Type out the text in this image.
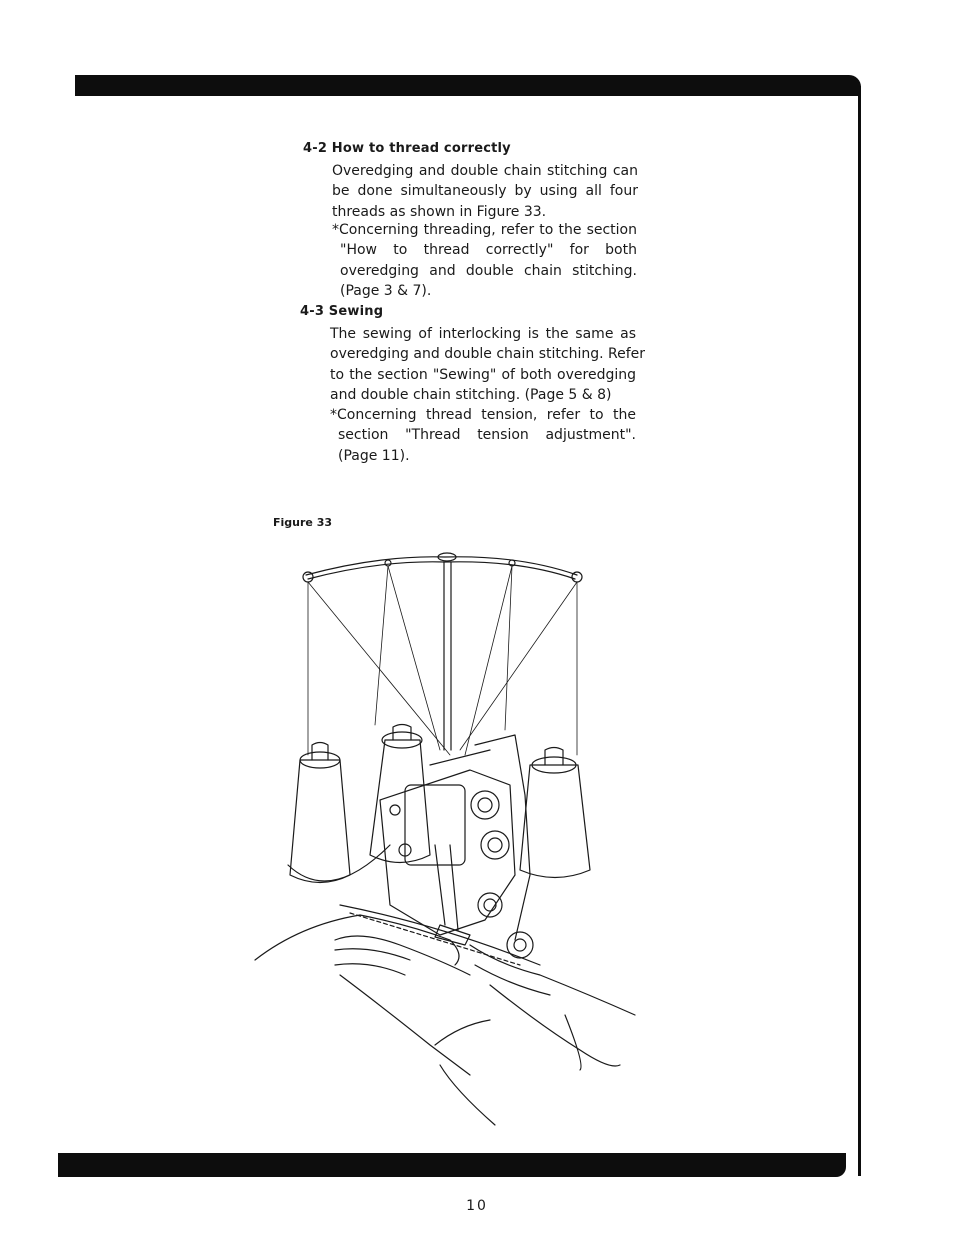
4-2 How to thread correctly
Overedging and double chain stitching can
be done simultaneously by using all four
threads as shown in Figure 33.
*Concerning threading, refer to the section
"How to thread correctly" for both
overedging and double chain stitching.
(Page 3 & 7).
4-3 Sewing
The sewing of interlocking is the same as
overedging and double chain stitching. Refer
to the section "Sewing" of both overedging
and double chain stitching. (Page 5 & 8)
*Concerning thread tension, refer to the
section "Thread tension adjustment".
(Page 11).
Figure 33
10
